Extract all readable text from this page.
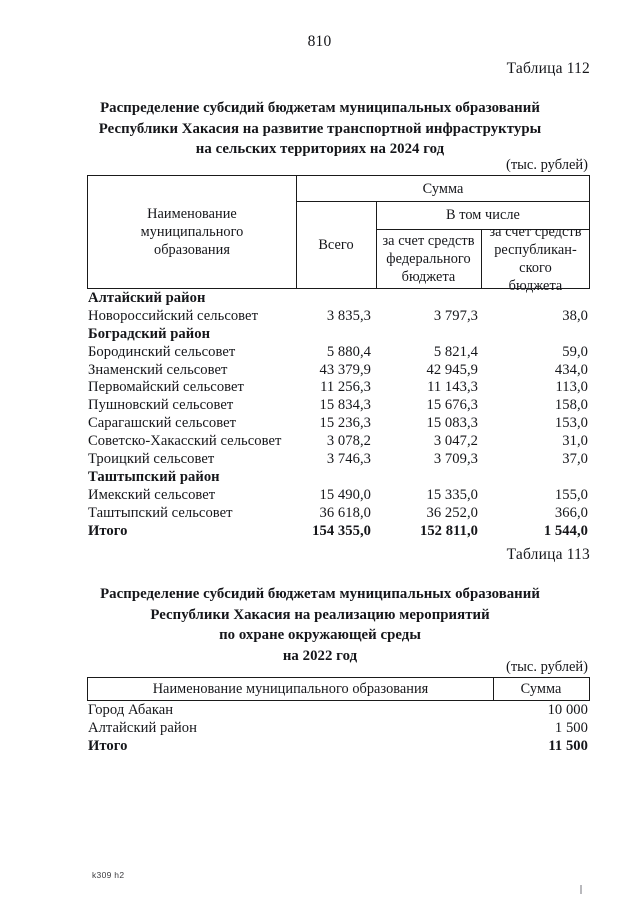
810
Таблица 112
Распределение субсидий бюджетам муниципальных образований
Республики Хакасия на развитие транспортной инфраструктуры
на сельских территориях на 2024 год
(тыс. рублей)
Наименование
муниципального
образования
Сумма
Всего
В том числе
за счет средств
федерального
бюджета
за счет средств
республикан-
ского
бюджета
Алтайский район
Новороссийский сельсовет	3 835,3	3 797,3	38,0
Боградский район
Бородинский сельсовет	5 880,4	5 821,4	59,0
Знаменский сельсовет	43 379,9	42 945,9	434,0
Первомайский сельсовет	11 256,3	11 143,3	113,0
Пушновский сельсовет	15 834,3	15 676,3	158,0
Сарагашский сельсовет	15 236,3	15 083,3	153,0
Советско-Хакасский сельсовет	3 078,2	3 047,2	31,0
Троицкий сельсовет	3 746,3	3 709,3	37,0
Таштыпский район
Имекский сельсовет	15 490,0	15 335,0	155,0
Таштыпский сельсовет	36 618,0	36 252,0	366,0
Итого	154 355,0	152 811,0	1 544,0
Таблица 113
Распределение субсидий бюджетам муниципальных образований
Республики Хакасия на реализацию мероприятий
по охране окружающей среды
на 2022 год
(тыс. рублей)
Наименование муниципального образования	Сумма
Город Абакан	10 000
Алтайский район	1 500
Итого	11 500
k309 h2
